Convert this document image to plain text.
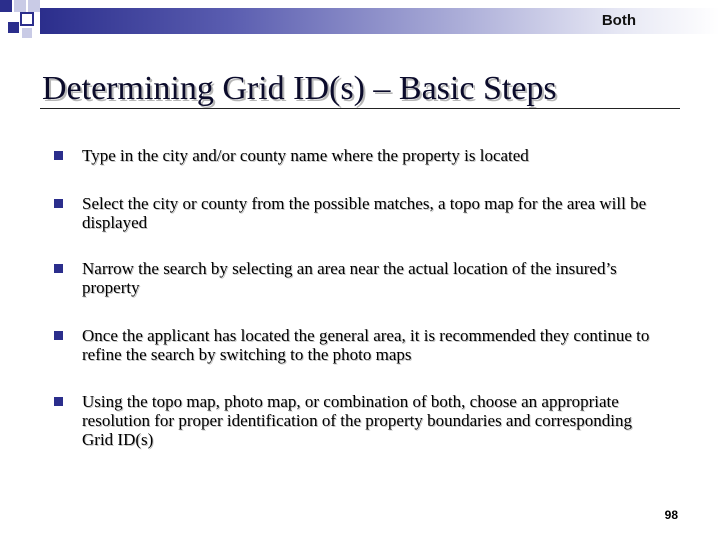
Both
Determining Grid ID(s) – Basic Steps
Type in the city and/or county name where the property is located
Select the city or county from the possible matches, a topo map for the area will be displayed
Narrow the search by selecting an area near the actual location of the insured’s property
Once the applicant has located the general area, it is recommended they continue to refine the search by switching to the photo maps
Using the topo map, photo map, or combination of both, choose an appropriate resolution for proper identification of the property boundaries and corresponding Grid ID(s)
98
